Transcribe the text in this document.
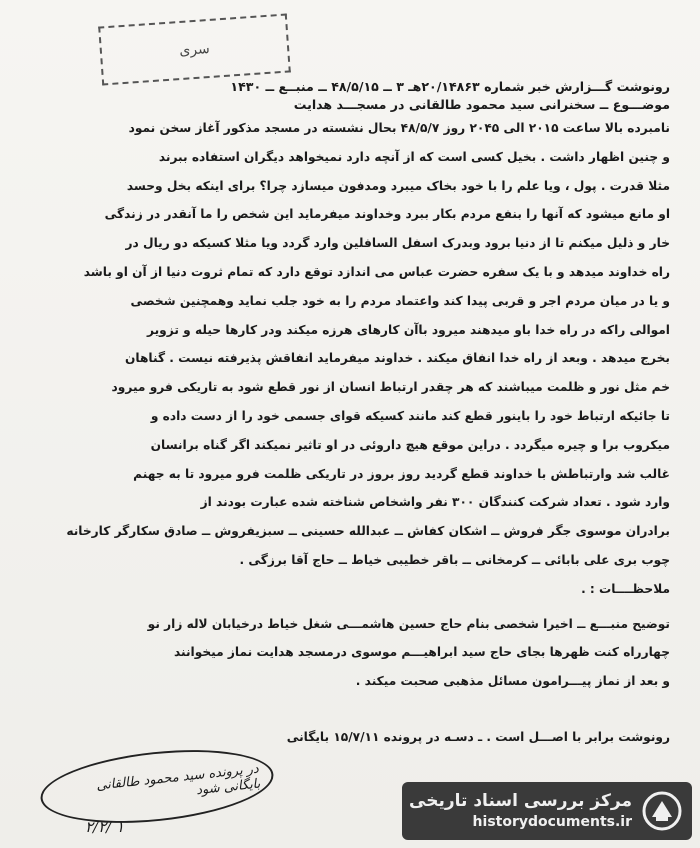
سری
رونوشت گـــزارش خبر شماره ۲۰/۱۴۸۶۳هـ ۳ ــ ۴۸/۵/۱۵ ــ منبــع ــ ۱۴۳۰
موضـــوع ــ سخنرانی سید محمود طالقانی در مسجـــد هدایت
نامبرده بالا ساعت ۲۰۱۵ الی ۲۰۴۵ روز ۴۸/۵/۷ بحال نشسته در مسجد مذکور آغاز سخن نمود
و چنین اظهار داشت . بخیل کسی است که از آنچه دارد نمیخواهد دیگران استفاده ببرند
مثلا قدرت . پول ، ویا علم را با خود بخاک میبرد ومدفون میسازد چرا؟ برای اینکه بخل وحسد
او مانع میشود که آنها را بنفع مردم بکار ببرد وخداوند میفرماید این شخص را ما آنقدر در زندگی
خار و ذلیل میکنم تا از دنیا برود وبدرک اسفل السافلین وارد گردد ویا مثلا کسیکه دو ریال در
راه خداوند میدهد و با یک سفره حضرت عباس می اندازد توقع دارد که تمام ثروت دنیا از آن او باشد
و یا در میان مردم اجر و قربی پیدا کند واعتماد مردم را به خود جلب نماید وهمچنین شخصی
اموالی راکه در راه خدا باو میدهند میرود باآن کارهای هرزه میکند ودر کارها حیله و تزویر
بخرج میدهد . وبعد از راه خدا انفاق میکند . خداوند میفرماید انفاقش پذیرفته نیست . گناهان
خم مثل نور و ظلمت میباشند که هر چقدر ارتباط انسان از نور قطع شود به تاریکی فرو میرود
تا جائیکه ارتباط خود را باینور قطع کند مانند کسیکه قوای جسمی خود را از دست داده و
میکروب برا و چیره میگردد . دراین موقع هیچ داروئی در او تاثیر نمیکند اگر گناه برانسان
غالب شد وارتباطش با خداوند قطع گردید روز بروز در تاریکی ظلمت فرو میرود تا به جهنم
وارد شود . تعداد شرکت کنندگان ۳۰۰ نفر واشخاص شناخته شده عبارت بودند از
برادران موسوی جگر فروش ــ اشکان کفاش ــ عبدالله حسینی ــ سبزیفروش ــ صادق سکارگر کارخانه
چوب بری علی بابائی ــ کرمخانی ــ باقر خطیبی خیاط ــ حاج آقا برزگی .
ملاحظــــات : .
توضیح منبـــع ــ اخیرا شخصی بنام حاج حسین هاشمـــی شغل خیاط درخیابان لاله زار نو
چهارراه کنت ظهرها بجای حاج سید ابراهیـــم موسوی درمسجد هدایت نماز میخوانند
و بعد از نماز پیـــرامون مسائل مذهبی صحبت میکند .
رونوشت برابر با اصـــل است . ـ دسـه در پرونده ۱۵/۷/۱۱ بایگانی
در پرونده سید محمود طالقانی بایگانی شود
۲/۲/ ۱
مرکز بررسی اسناد تاریخی
historydocuments.ir
